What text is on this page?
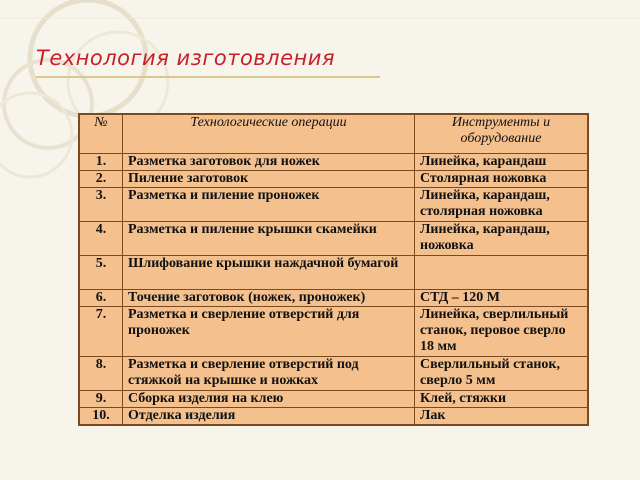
Технология изготовления
№	Технологические операции	Инструменты и оборудование
1.	Разметка заготовок для ножек	Линейка, карандаш
2.	Пиление заготовок	Столярная ножовка
3.	Разметка и пиление проножек	Линейка, карандаш, столярная ножовка
4.	Разметка и пиление крышки скамейки	Линейка, карандаш, ножовка
5.	Шлифование крышки наждачной бумагой	
6.	Точение заготовок (ножек, проножек)	СТД – 120 М
7.	Разметка и сверление отверстий для проножек	Линейка, сверлильный станок, перовое сверло 18 мм
8.	Разметка и сверление отверстий под стяжкой на крышке и ножках	Сверлильный станок, сверло 5 мм
9.	Сборка изделия на клею	Клей, стяжки
10.	Отделка изделия	Лак
